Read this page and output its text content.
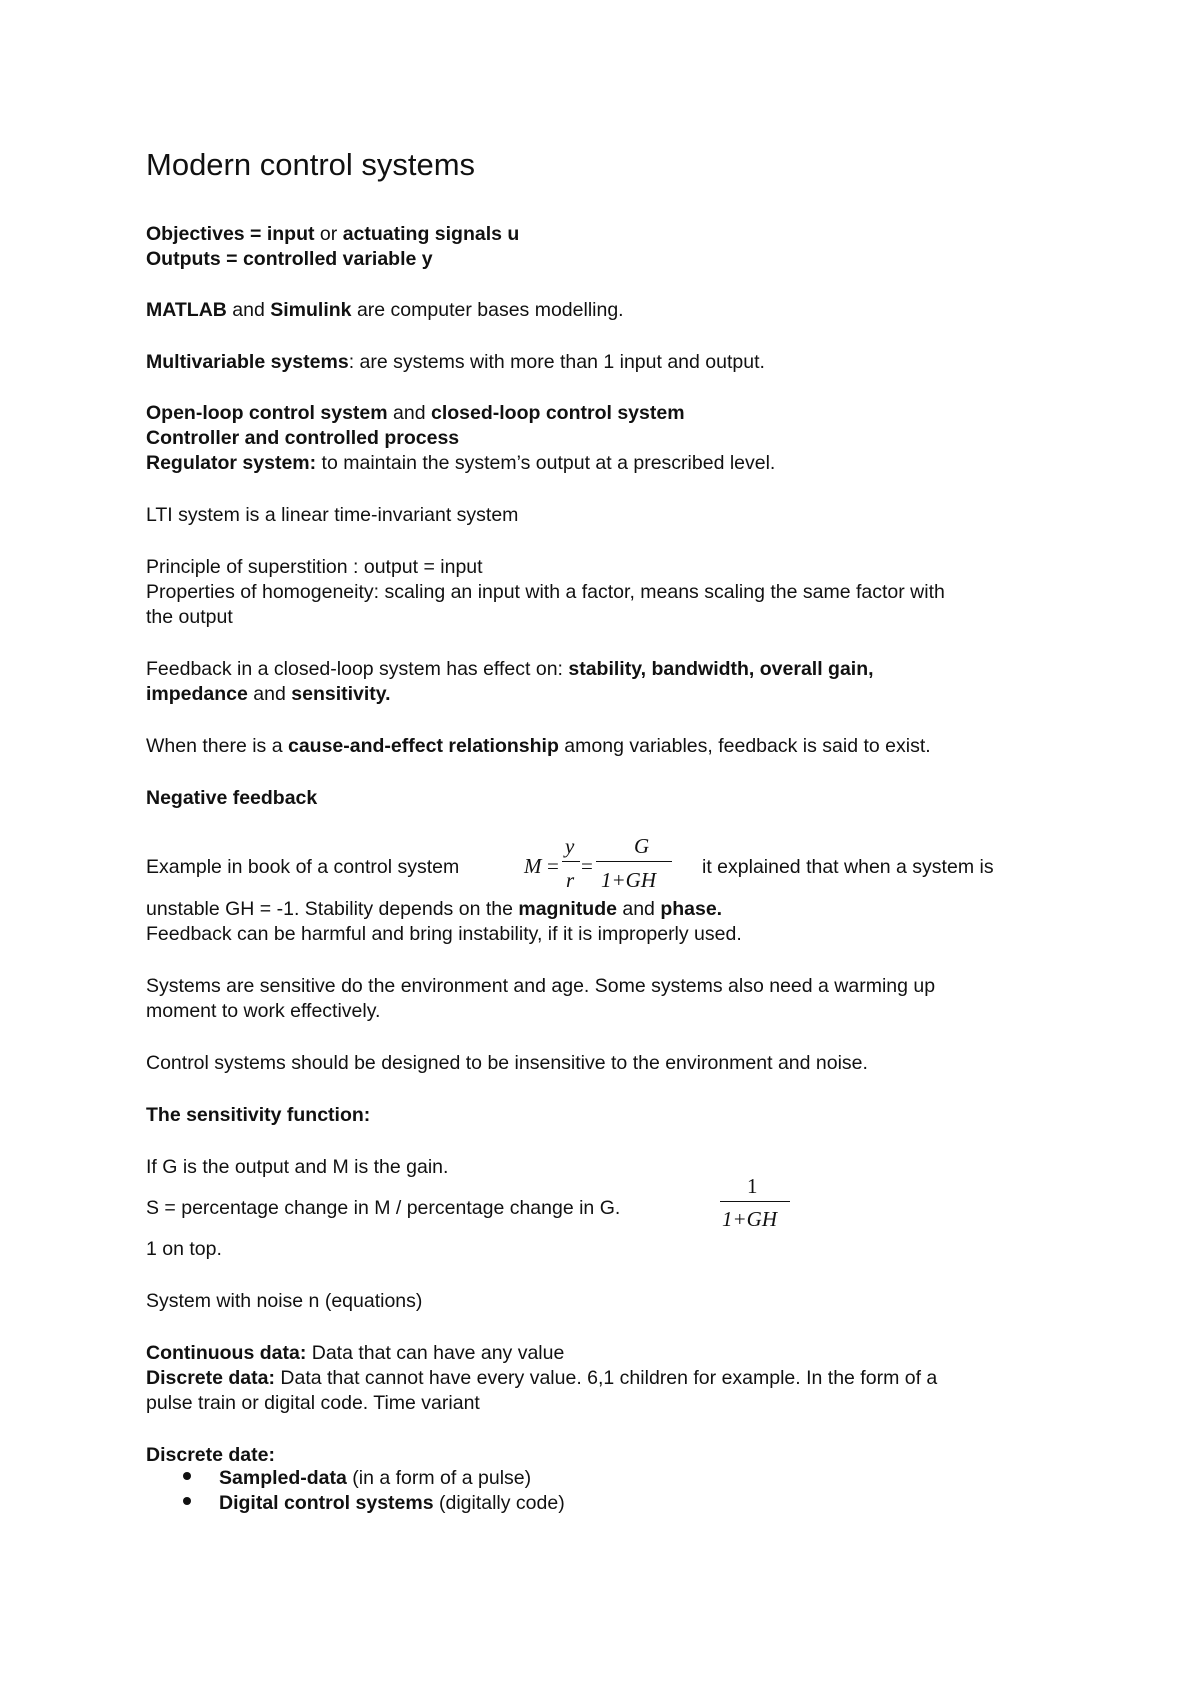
Modern control systems

Objectives = input or actuating signals u

Outputs = controlled variable y

MATLAB and Simulink are computer bases modelling.

Multivariable systems: are systems with more than 1 input and output.

Open-loop control system and closed-loop control system

Controller and controlled process

Regulator system: to maintain the system’s output at a prescribed level.

LTI system is a linear time-invariant system

Principle of superstition : output = input

Properties of homogeneity: scaling an input with a factor, means scaling the same factor with

the output

Feedback in a closed-loop system has effect on: stability, bandwidth, overall gain,

impedance and sensitivity.

When there is a cause-and-effect relationship among variables, feedback is said to exist.

Negative feedback

Example in book of a control system	it explained that when a system is

M =
y
r
=
G
1+GH

unstable GH = -1. Stability depends on the magnitude and phase.

Feedback can be harmful and bring instability, if it is improperly used.

Systems are sensitive do the environment and age. Some systems also need a warming up

moment to work effectively.

Control systems should be designed to be insensitive to the environment and noise.

The sensitivity function:

If G is the output and M is the gain.

S = percentage change in M / percentage change in G.

1
1+GH

1 on top.

System with noise n (equations)

Continuous data: Data that can have any value

Discrete data: Data that cannot have every value. 6,1 children for example. In the form of a

pulse train or digital code. Time variant

Discrete date:

Sampled-data (in a form of a pulse)

Digital control systems (digitally code)
